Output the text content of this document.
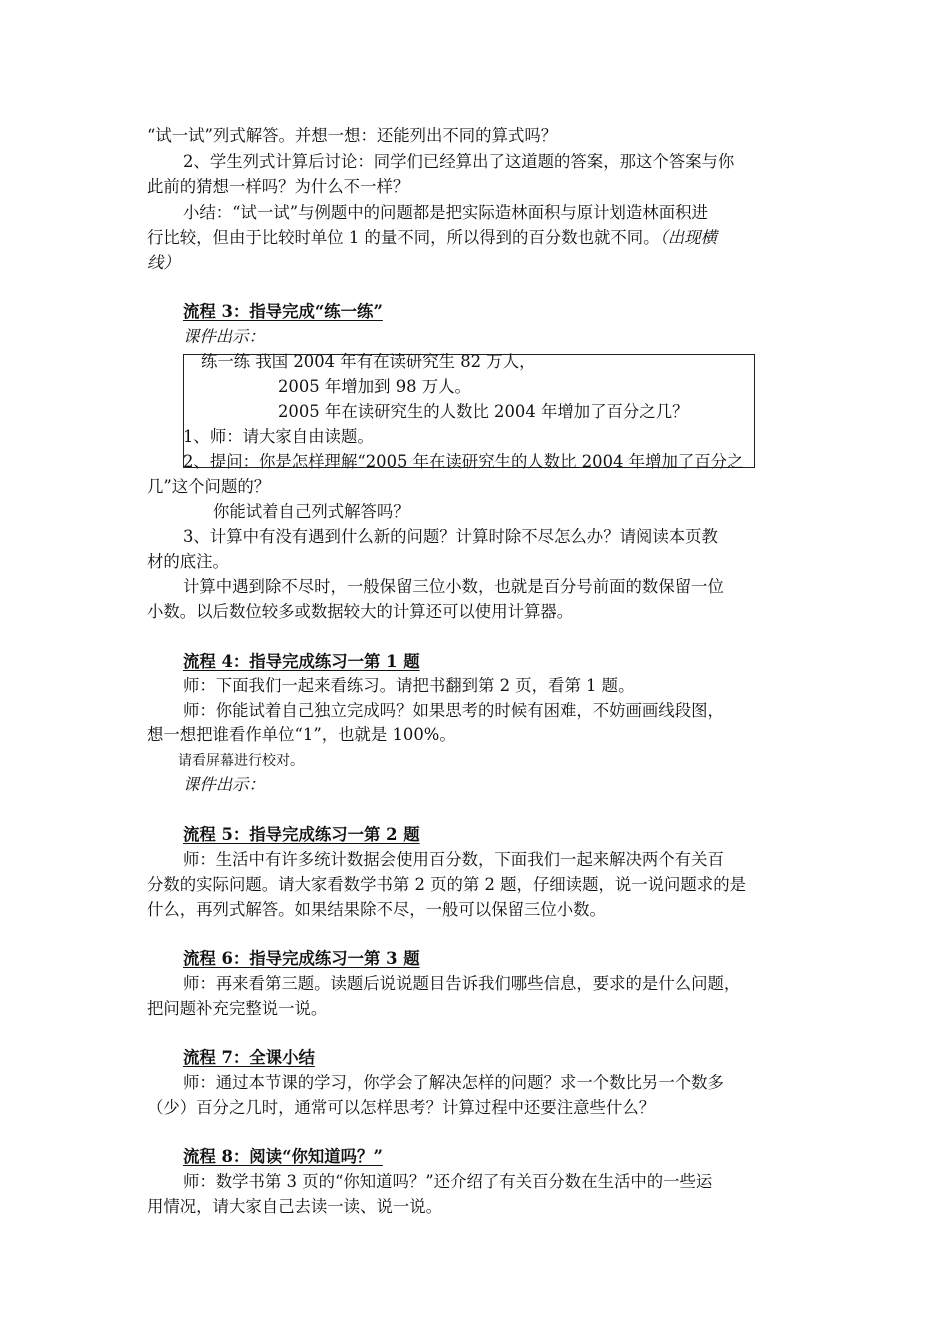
“试一试”列式解答。并想一想：还能列出不同的算式吗？
2、学生列式计算后讨论：同学们已经算出了这道题的答案，那这个答案与你
此前的猜想一样吗？为什么不一样？
小结：“试一试”与例题中的问题都是把实际造林面积与原计划造林面积进
行比较，但由于比较时单位 1 的量不同，所以得到的百分数也就不同。（出现横
线）
流程 3：指导完成“练一练”
课件出示：
练一练 我国 2004 年有在读研究生 82 万人，
2005 年增加到 98 万人。
2005 年在读研究生的人数比 2004 年增加了百分之几？
1、师：请大家自由读题。
2、提问：你是怎样理解“2005 年在读研究生的人数比 2004 年增加了百分之
几”这个问题的？
你能试着自己列式解答吗？
3、计算中有没有遇到什么新的问题？计算时除不尽怎么办？请阅读本页教
材的底注。
计算中遇到除不尽时，一般保留三位小数，也就是百分号前面的数保留一位
小数。以后数位较多或数据较大的计算还可以使用计算器。
流程 4：指导完成练习一第 1 题
师：下面我们一起来看练习。请把书翻到第 2 页，看第 1 题。
师：你能试着自己独立完成吗？如果思考的时候有困难，不妨画画线段图，
想一想把谁看作单位“1”，也就是 100%。
请看屏幕进行校对。
课件出示：
流程 5：指导完成练习一第 2 题
师：生活中有许多统计数据会使用百分数，下面我们一起来解决两个有关百
分数的实际问题。请大家看数学书第 2 页的第 2 题，仔细读题，说一说问题求的是
什么，再列式解答。如果结果除不尽，一般可以保留三位小数。
流程 6：指导完成练习一第 3 题
师：再来看第三题。读题后说说题目告诉我们哪些信息，要求的是什么问题，
把问题补充完整说一说。
流程 7：全课小结
师：通过本节课的学习，你学会了解决怎样的问题？求一个数比另一个数多
（少）百分之几时，通常可以怎样思考？计算过程中还要注意些什么？
流程 8：阅读“你知道吗？”
师：数学书第 3 页的“你知道吗？”还介绍了有关百分数在生活中的一些运
用情况，请大家自己去读一读、说一说。
